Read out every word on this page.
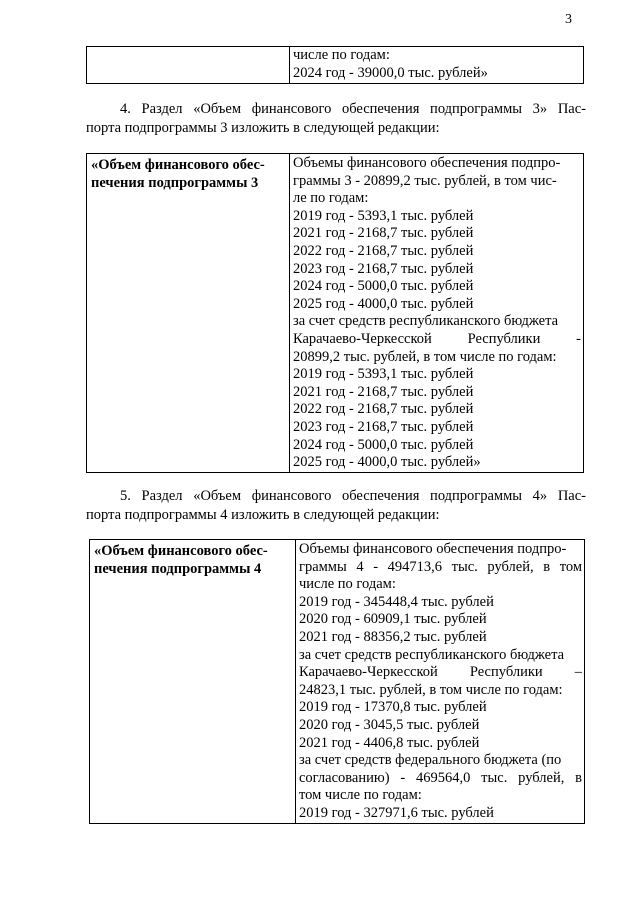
3

числе по годам:
2024 год - 39000,0 тыс. рублей»
4. Раздел «Объем финансового обеспечения подпрограммы 3» Пас-
порта подпрограммы 3 изложить в следующей редакции:
«Объем финансового обес-
печения подпрограммы 3

Объемы финансового обеспечения подпро-
граммы 3 - 20899,2 тыс. рублей, в том чис-
ле по годам:
2019 год - 5393,1 тыс. рублей
2021 год - 2168,7 тыс. рублей
2022 год - 2168,7 тыс. рублей
2023 год - 2168,7 тыс. рублей
2024 год - 5000,0 тыс. рублей
2025 год - 4000,0 тыс. рублей
за счет средств республиканского бюджета
Карачаево-Черкесской Республики -
20899,2 тыс. рублей, в том числе по годам:
2019 год - 5393,1 тыс. рублей
2021 год - 2168,7 тыс. рублей
2022 год - 2168,7 тыс. рублей
2023 год - 2168,7 тыс. рублей
2024 год - 5000,0 тыс. рублей
2025 год - 4000,0 тыс. рублей»
5. Раздел «Объем финансового обеспечения подпрограммы 4» Пас-
порта подпрограммы 4 изложить в следующей редакции:
«Объем финансового обес-
печения подпрограммы 4

Объемы финансового обеспечения подпро-
граммы 4 - 494713,6 тыс. рублей, в том
числе по годам:
2019 год - 345448,4 тыс. рублей
2020 год - 60909,1 тыс. рублей
2021 год - 88356,2 тыс. рублей
за счет средств республиканского бюджета
Карачаево-Черкесской Республики –
24823,1 тыс. рублей, в том числе по годам:
2019 год - 17370,8 тыс. рублей
2020 год - 3045,5 тыс. рублей
2021 год - 4406,8 тыс. рублей
за счет средств федерального бюджета (по
согласованию) - 469564,0 тыс. рублей, в
том числе по годам:
2019 год - 327971,6 тыс. рублей
